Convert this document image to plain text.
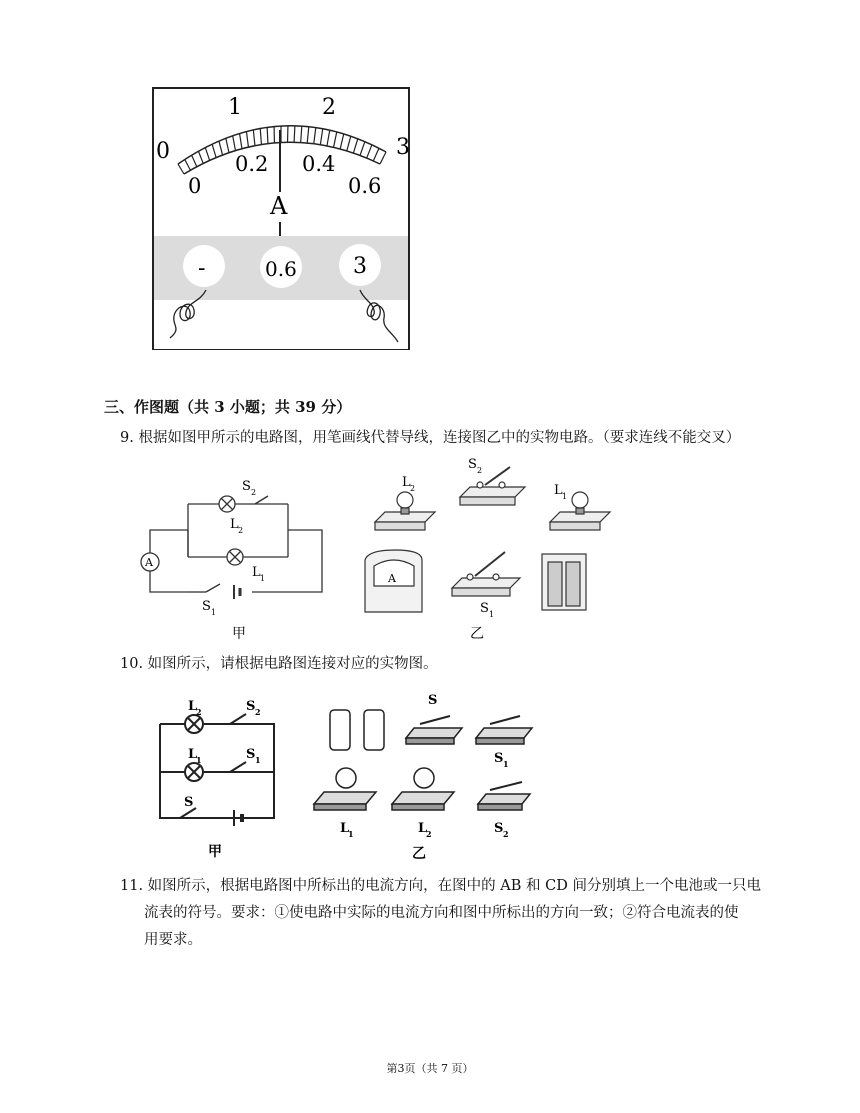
0
1	2
3
0
0.2 0.4
0.6
A
-	0.6	3
三、作图题（共 3 小题；共 39 分）
9. 根据如图甲所示的电路图，用笔画线代替导线，连接图乙中的实物电路。（要求连线不能交叉）
A
S 2
L 2
L 1
S 1
甲
L 2
S 2
L 1
A
S 1
乙
10. 如图所示，请根据电路图连接对应的实物图。
L
2	S 2
L
1	S 1
S
甲
S
S 1
L
1	L
2	S 2
乙
11. 如图所示，根据电路图中所标出的电流方向，在图中的 AB 和 CD 间分别填上一个电池或一只电
流表的符号。要求：①使电路中实际的电流方向和图中所标出的方向一致；②符合电流表的使
用要求。
第3页（共 7 页）
